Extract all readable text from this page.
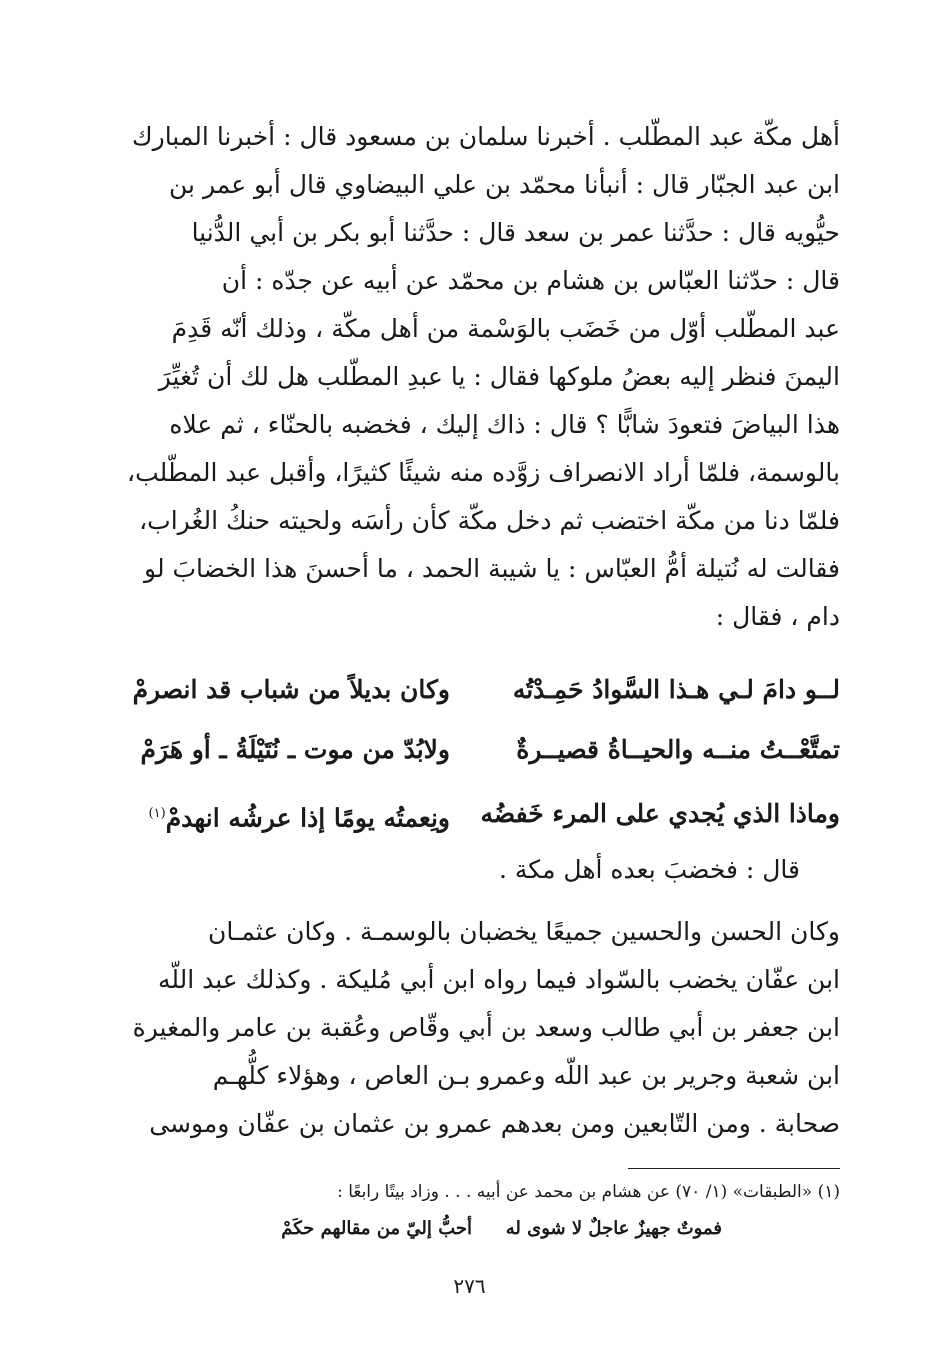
أهل مكّة عبد المطّلب . أخبرنا سلمان بن مسعود قال : أخبرنا المبارك
ابن عبد الجبّار قال : أنبأنا محمّد بن علي البيضاوي قال أبو عمر بن
حيُّويه قال : حدَّثنا عمر بن سعد قال : حدَّثنا أبو بكر بن أبي الدُّنيا
قال : حدّثنا العبّاس بن هشام بن محمّد عن أبيه عن جدّه : أن
عبد المطّلب أوّل من خَضَب بالوَسْمة من أهل مكّة ، وذلك أنّه قَدِمَ
اليمنَ فنظر إليه بعضُ ملوكها فقال : يا عبدِ المطّلب هل لك أن تُغيِّرَ
هذا البياضَ فتعودَ شابًّا ؟ قال : ذاك إليك ، فخضبه بالحنّاء ، ثم علاه
بالوسمة، فلمّا أراد الانصراف زوَّده منه شيئًا كثيرًا، وأقبل عبد المطّلب،
فلمّا دنا من مكّة اختضب ثم دخل مكّة كأن رأسَه ولحيته حنكُ الغُراب،
فقالت له نُتيلة أمُّ العبّاس : يا شيبة الحمد ، ما أحسنَ هذا الخضابَ لو
دام ، فقال :
لــو دامَ لـي هـذا السَّوادُ حَمِـدْتُه
وكان بديلاً من شباب قد انصرمْ
تمتَّعْــتُ منــه والحيــاةُ قصيــرةٌ
ولابُدّ من موت ـ نُتَيْلَةُ ـ أو هَرَمْ
وماذا الذي يُجدي على المرء خَفضُه
ونِعمتُه يومًا إذا عرشُه انهدمْ$^{(١)}$
قال : فخضبَ بعده أهل مكة .
وكان الحسن والحسين جميعًا يخضبان بالوسمـة . وكان عثمـان
ابن عفّان يخضب بالسّواد فيما رواه ابن أبي مُليكة . وكذلك عبد اللّه
ابن جعفر بن أبي طالب وسعد بن أبي وقّاص وعُقبة بن عامر والمغيرة
ابن شعبة وجرير بن عبد اللّه وعمرو بـن العاص ، وهؤلاء كلُّهـم
صحابة . ومن التّابعين ومن بعدهم عمرو بن عثمان بن عفّان وموسى
(١) «الطبقات» (١/ ٧٠) عن هشام بن محمد عن أبيه . . . وزاد بيتًا رابعًا :
فموتٌ جهيزٌ عاجلٌ لا شوى له
أحبُّ إليّ من مقالهم حكَمْ
٢٧٦
